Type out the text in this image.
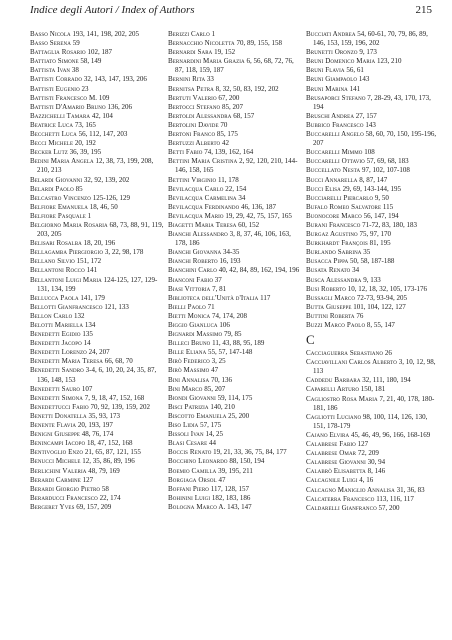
Indice degli Autori / Index of Authors	215

Basso Nicola 193, 141, 198, 202, 205

Basso Serena 59

Battaglia Rosario 102, 187

Battiato Simone 58, 149

Battista Ivan 38

Battisti Corrado 32, 143, 147, 193, 206

Battisti Eugenio 23

Battisti Francesco M. 109

Battisti D'Amario Bruno 136, 206

Bazzichelli Tamara 42, 104

Beatrice Luca 73, 165

Becchetti Luca 56, 112, 147, 203

Becci Michele 20, 192

Becker Lutz 36, 39, 195

Bedini Maria Angela 12, 38, 73, 199, 208, 210, 213

Belardi Giovanni 32, 92, 139, 202

Belardi Paolo 85

Belcastro Vincenzo 125-126, 129

Belfiore Emanuela 18, 46, 50

Belfiore Pasquale 1

Belgiorno Maria Rosaria 68, 73, 88, 91, 119, 203, 205

Belisari Rosalba 18, 20, 196

Bellagamba Piergiorgio 3, 22, 98, 178

Bellano Silvio 151, 172

Bellantoni Rocco 141

Bellantoni Luigi Maria 124-125, 127, 129-131, 134, 199

Bellucca Paola 141, 179

Bellotti Gianfrancesco 121, 133

Bellon Carlo 132

Belotti Mariella 134

Benedetti Egidio 135

Benedetti Jacopo 14

Benedetti Lorenzo 24, 207

Benedetti Maria Teresa 66, 68, 70

Benedetti Sandro 3-4, 6, 10, 20, 24, 35, 87, 136, 148, 153

Benedetti Sauro 107

Benedetti Simona 7, 9, 18, 47, 152, 168

Benedettucci Fabio 70, 92, 139, 159, 202

Benetti Donatella 35, 93, 173

Benente Flavia 20, 193, 197

Benigni Giuseppe 48, 76, 174

Benincampi Iacopo 18, 47, 152, 168

Bentivoglio Enzo 21, 65, 87, 121, 155

Benucci Michele 12, 35, 86, 89, 196

Berlichini Valeria 48, 79, 169

Berardi Carmine 127

Berardi Giorgio Pietro 58

Berarducci Francesco 22, 174

Bergeret Yves 69, 157, 209

Berizzi Carlo 1

Bernacchio Nicoletta 70, 89, 155, 158

Bernardi Sara 19, 152

Bernardini Maria Grazia 6, 56, 68, 72, 76, 87, 118, 159, 187

Bernini Rita 33

Bernitsa Petra 8, 32, 50, 83, 192, 202

Bertuti Valerio 67, 200

Bertocci Stefano 85, 207

Bertoldi Alessandra 68, 157

Bertolini Davide 70

Bertoni Franco 85, 175

Bertuzzi Alberto 42

Betti Fabio 74, 139, 162, 164

Bettini Maria Cristina 2, 92, 120, 210, 144-146, 158, 165

Bettini Virginio 11, 178

Bevilacqua Carlo 22, 154

Bevilacqua Carmelina 34

Bevilacqua Ferdinando 46, 136, 187

Bevilacqua Mario 19, 29, 42, 75, 157, 165

Biagetti Maria Teresa 60, 152

Bianchi Alessandro 3, 8, 37, 46, 106, 163, 178, 186

Bianchi Giovanna 34-35

Bianchi Roberto 16, 193

Bianchini Carlo 40, 42, 84, 89, 162, 194, 196

Bianconi Fabio 37

Biasi Vittoria 7, 81

Biblioteca dell'Unità d'Italia 117

Bielli Paolo 71

Bietti Monica 74, 174, 208

Biggio Gianluca 106

Bignardi Massimo 79, 85

Billeci Bruno 11, 43, 88, 95, 189

Bille Eliana 55, 57, 147-148

Birò Federico 3, 25

Birò Massimo 47

Bini Annalisa 70, 136

Bini Marco 85, 207

Biondi Giovanni 59, 114, 175

Bisci Patrizia 140, 210

Biscotto Emanuela 25, 200

Biso Lidia 57, 175

Bissoli Ivan 14, 25

Blasi Cesare 44

Boccis Renato 19, 21, 33, 36, 75, 84, 177

Bocchino Leonardo 88, 150, 194

Boemio Camilla 39, 195, 211

Borgiaga Orsol 47

Boffani Piero 117, 128, 157

Bohinini Luigi 182, 183, 186

Bologna Marco A. 143, 147

Bucciati Andrea 54, 60-61, 70, 79, 86, 89, 146, 153, 159, 196, 202

Brunetti Oronzo 9, 173

Bruni Domenico Maria 123, 210

Bruni Flavia 56, 61

Bruni Giampaolo 143

Bruni Marina 141

Brusaporci Stefano 7, 28-29, 43, 170, 173, 194

Bruschi Andrea 27, 157

Bubbico Francesco 143

Buccarelli Angelo 58, 60, 70, 150, 195-196, 207

Buccarelli Mimmo 108

Buccarelli Ottavio 57, 69, 68, 183

Buccellato Nesta 97, 102, 107-108

Bucci Annarella 8, 87, 147

Bucci Elisa 29, 69, 143-144, 195

Bucciarelli Piercarlo 9, 50

Bufalo Romeo Salvatore 115

Buonocore Marco 56, 147, 194

Burani Francesco 71-72, 83, 180, 183

Burgaz Agustino 75, 97, 170

Burkhardt François 81, 195

Burlando Sabrina 35

Busacca Pippa 50, 58, 187-188

Busata Renato 34

Busca Alessandra 9, 133

Busi Roberto 10, 12, 18, 32, 105, 173-176

Bussagli Marco 72-73, 93-94, 205

Butta Giuseppe 101, 104, 122, 127

Buttini Roberta 76

Buzzi Marco Paolo 8, 55, 147

C

Cacciaguerra Sebastiano 26

Cacciavillani Carlos Alberto 3, 10, 12, 98, 113

Caddedu Barbara 32, 111, 180, 194

Caparelli Arturo 150, 181

Cagliostro Rosa Maria 7, 21, 40, 178, 180-181, 186

Cagliotti Luciano 98, 100, 114, 126, 130, 151, 178-179

Cajano Elvira 45, 46, 49, 96, 166, 168-169

Calabrese Fabio 127

Calabrese Omar 72, 209

Calabrese Giovanni 30, 94

Calabrò Elisabetta 8, 146

Calcagnile Luigi 4, 16

Calcagno Maniglio Annalisa 31, 36, 83

Calcaterra Francesco 113, 116, 117

Caldarelli Gianfranco 57, 200
